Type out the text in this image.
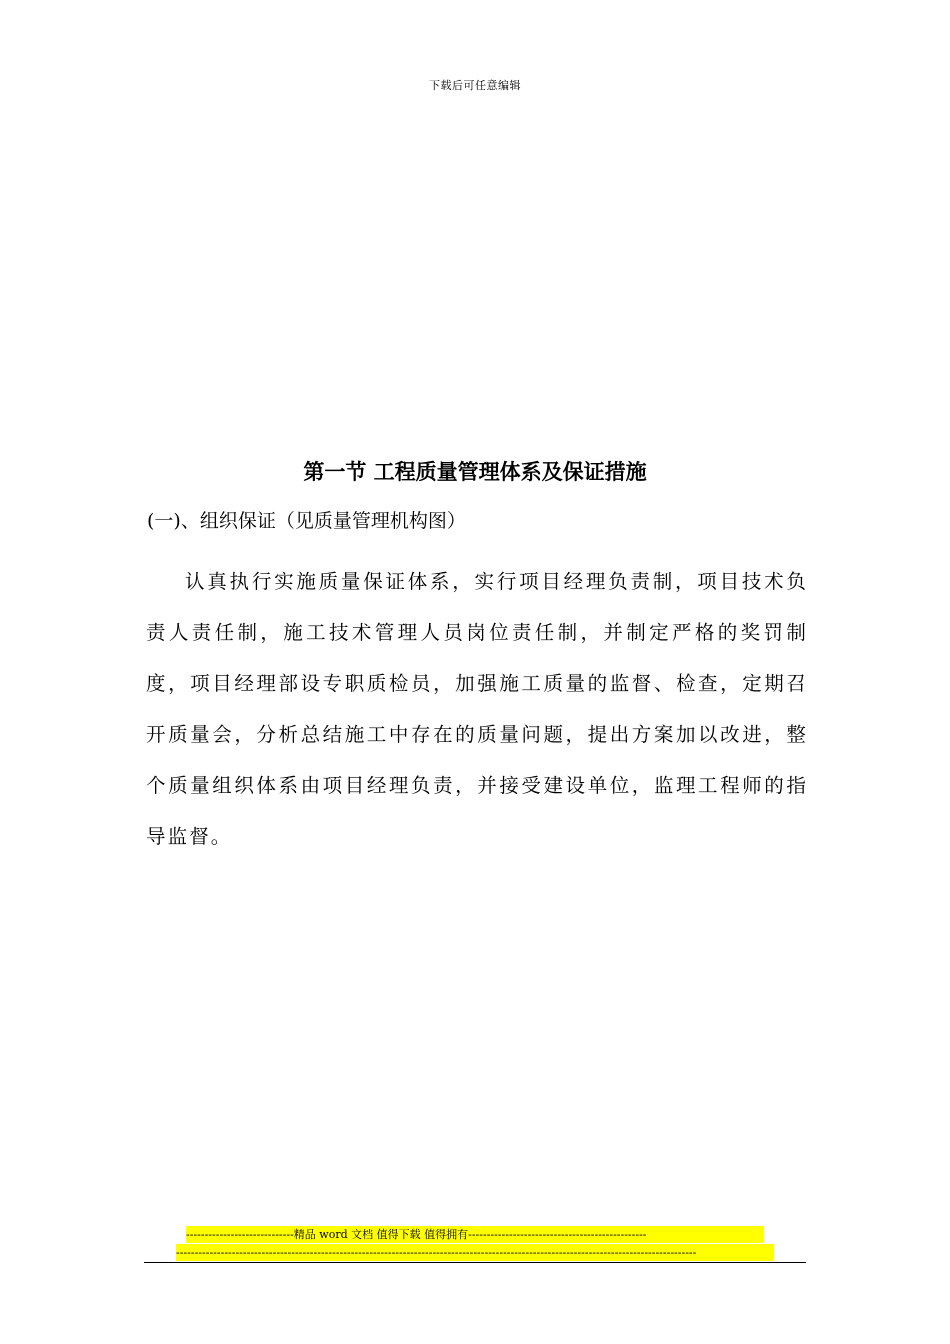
下载后可任意编辑
第一节 工程质量管理体系及保证措施
(一)、组织保证（见质量管理机构图）

认真执行实施质量保证体系，实行项目经理负责制，项目技术负责人责任制，施工技术管理人员岗位责任制，并制定严格的奖罚制度，项目经理部设专职质检员，加强施工质量的监督、检查，定期召开质量会，分析总结施工中存在的质量问题，提出方案加以改进，整个质量组织体系由项目经理负责，并接受建设单位，监理工程师的指导监督。

-----------------------------精品 word 文档 值得下载 值得拥有------------------------------------------------
--------------------------------------------------------------------------------------------------------------------------------------------
